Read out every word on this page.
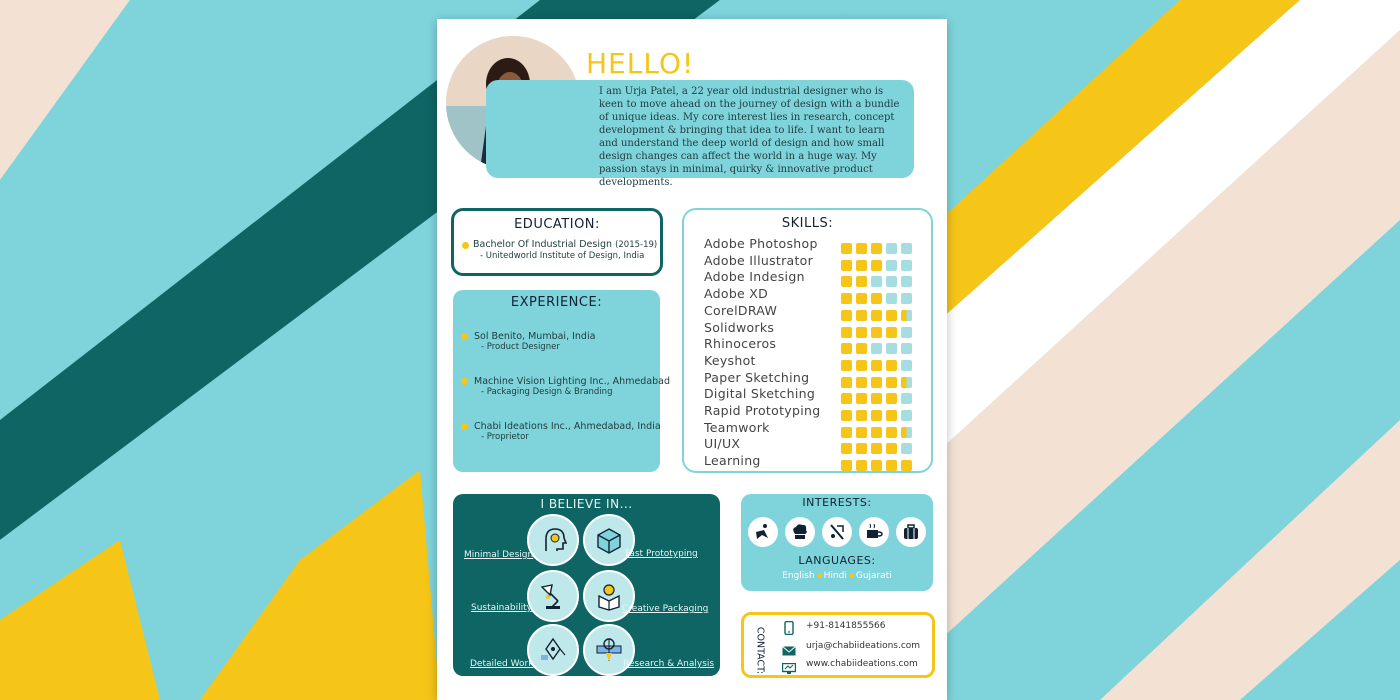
HELLO!
I am Urja Patel, a 22 year old industrial designer who is keen to move ahead on the journey of design with a bundle of unique ideas. My core interest lies in research, concept development & bringing that idea to life. I want to learn and understand the deep world of design and how small design changes can affect the world in a huge way. My passion stays in minimal, quirky & innovative product developments.
EDUCATION:
Bachelor Of Industrial Design (2015-19)
- Unitedworld Institute of Design, India
EXPERIENCE:
Sol Benito, Mumbai, India
- Product Designer
Machine Vision Lighting Inc., Ahmedabad
- Packaging Design & Branding
Chabi Ideations Inc., Ahmedabad, India
- Proprietor
SKILLS:
Adobe Photoshop
Adobe Illustrator
Adobe Indesign
Adobe XD
CorelDRAW
Solidworks
Rhinoceros
Keyshot
Paper Sketching
Digital Sketching
Rapid Prototyping
Teamwork
UI/UX
Learning
I BELIEVE IN...
Minimal Design	Fast Prototyping
Sustainability	Creative Packaging
Detailed Work	Research & Analysis
INTERESTS:
LANGUAGES:
English Hindi Gujarati
CONTACT:
+91-8141855566
urja@chabiideations.com
www.chabiideations.com
